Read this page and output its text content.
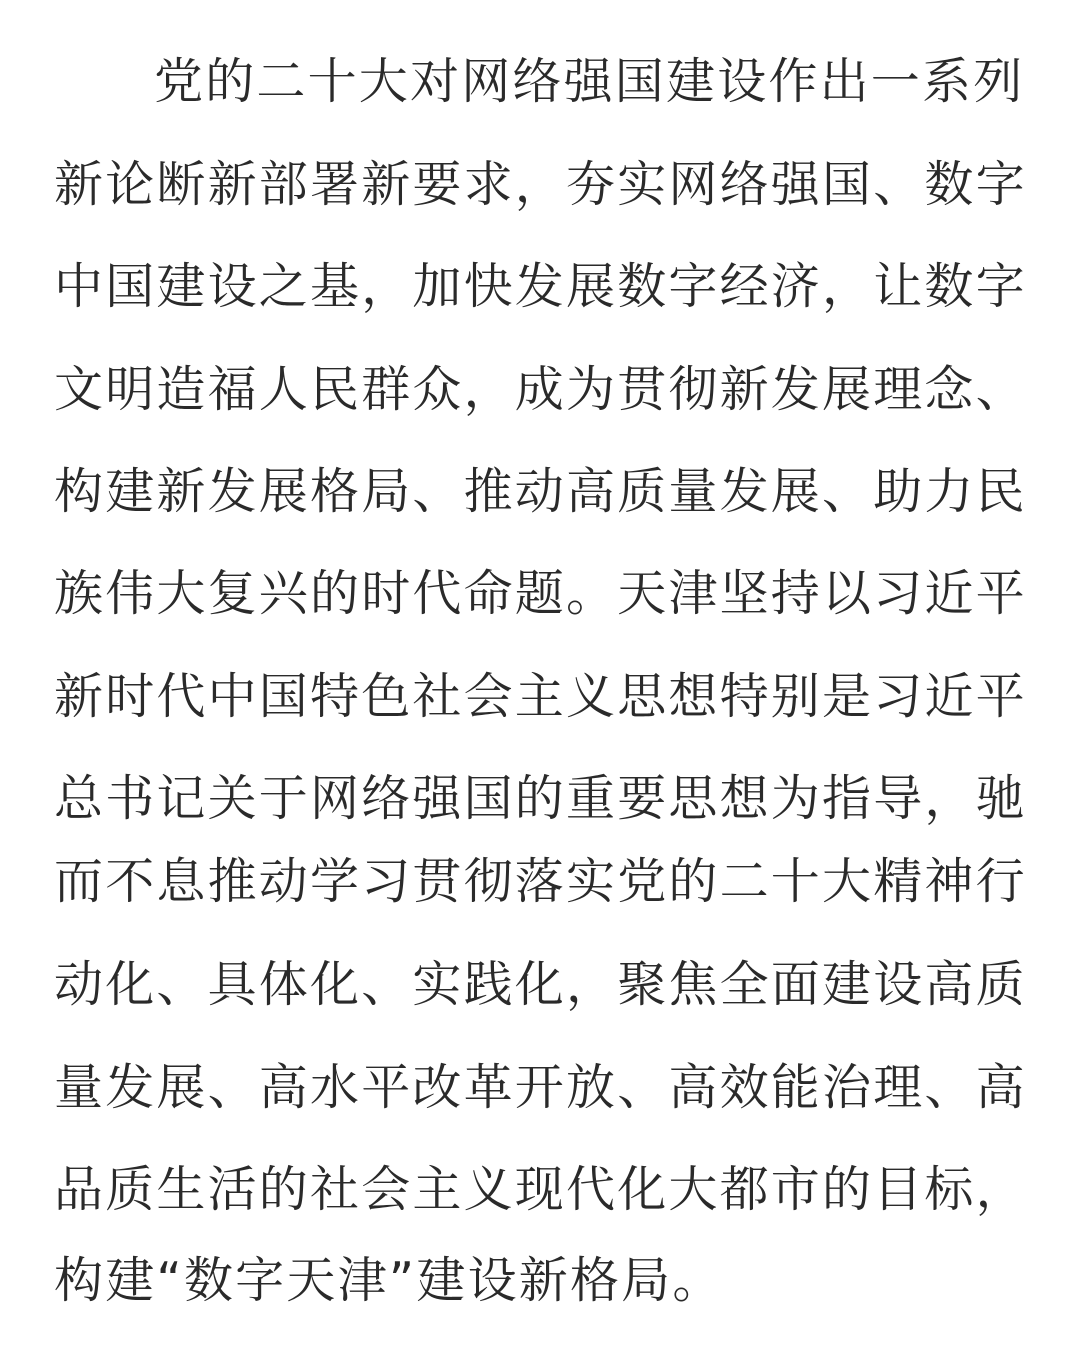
党的二十大对网络强国建设作出一系列
新论断新部署新要求，夯实网络强国、数字
中国建设之基，加快发展数字经济，让数字
文明造福人民群众，成为贯彻新发展理念、
构建新发展格局、推动高质量发展、助力民
族伟大复兴的时代命题。天津坚持以习近平
新时代中国特色社会主义思想特别是习近平
总书记关于网络强国的重要思想为指导，驰
而不息推动学习贯彻落实党的二十大精神行
动化、具体化、实践化，聚焦全面建设高质
量发展、高水平改革开放、高效能治理、高
品质生活的社会主义现代化大都市的目标，
构建“数字天津”建设新格局。
